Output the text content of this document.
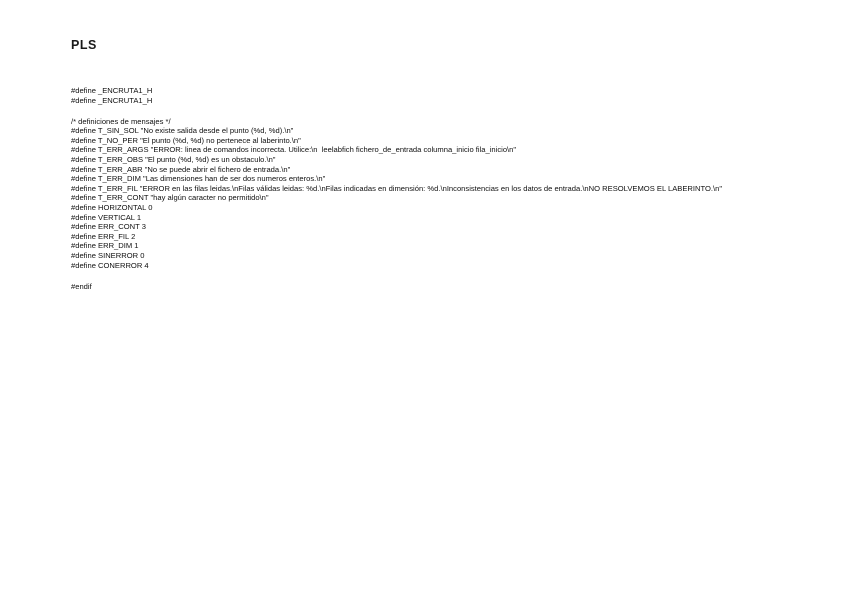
PLS
#define _ENCRUTA1_H
#define _ENCRUTA1_H
/* definiciones de mensajes */
#define T_SIN_SOL "No existe salida desde el punto (%d, %d).\n"
#define T_NO_PER "El punto (%d, %d) no pertenece al laberinto.\n"
#define T_ERR_ARGS "ERROR: linea de comandos incorrecta. Utilice:\n  leelabfich fichero_de_entrada columna_inicio fila_inicio\n"
#define T_ERR_OBS "El punto (%d, %d) es un obstaculo.\n"
#define T_ERR_ABR "No se puede abrir el fichero de entrada.\n"
#define T_ERR_DIM "Las dimensiones han de ser dos numeros enteros.\n"
#define T_ERR_FIL "ERROR en las filas leidas.\nFilas válidas leidas: %d.\nFilas indicadas en dimensión: %d.\nInconsistencias en los datos de entrada.\nNO RESOLVEMOS EL LABERINTO.\n"
#define T_ERR_CONT "hay algún caracter no permitido\n"
#define HORIZONTAL 0
#define VERTICAL 1
#define ERR_CONT 3
#define ERR_FIL 2
#define ERR_DIM 1
#define SINERROR 0
#define CONERROR 4
#endif
